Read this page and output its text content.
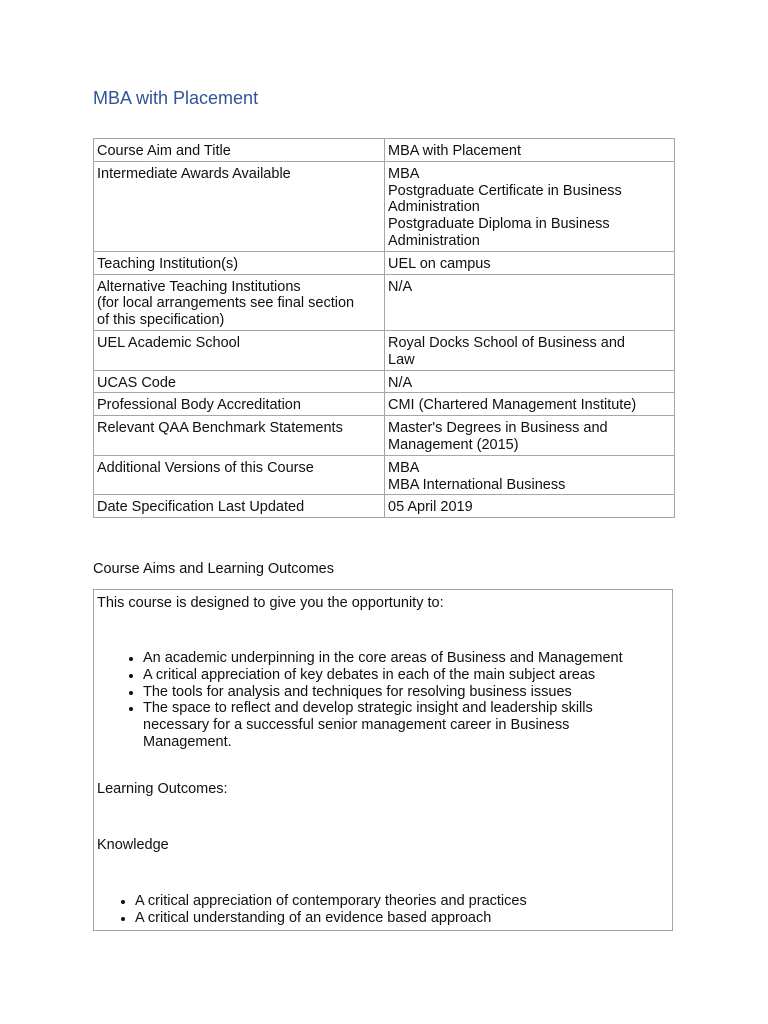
MBA with Placement
Course Aim and Title	MBA with Placement

Intermediate Awards Available	MBA
Postgraduate Certificate in Business
Administration
Postgraduate Diploma in Business
Administration

Teaching Institution(s)	UEL on campus

Alternative Teaching Institutions
(for local arrangements see final section
of this specification)	N/A

UEL Academic School	Royal Docks School of Business and
Law

UCAS Code	N/A

Professional Body Accreditation	CMI (Chartered Management Institute)

Relevant QAA Benchmark Statements	Master's Degrees in Business and
Management (2015)

Additional Versions of this Course	MBA
MBA International Business

Date Specification Last Updated	05 April 2019

Course Aims and Learning Outcomes

This course is designed to give you the opportunity to:
• An academic underpinning in the core areas of Business and Management
• A critical appreciation of key debates in each of the main subject areas
• The tools for analysis and techniques for resolving business issues
• The space to reflect and develop strategic insight and leadership skills
necessary for a successful senior management career in Business
Management.
Learning Outcomes:
Knowledge
• A critical appreciation of contemporary theories and practices
• A critical understanding of an evidence based approach
